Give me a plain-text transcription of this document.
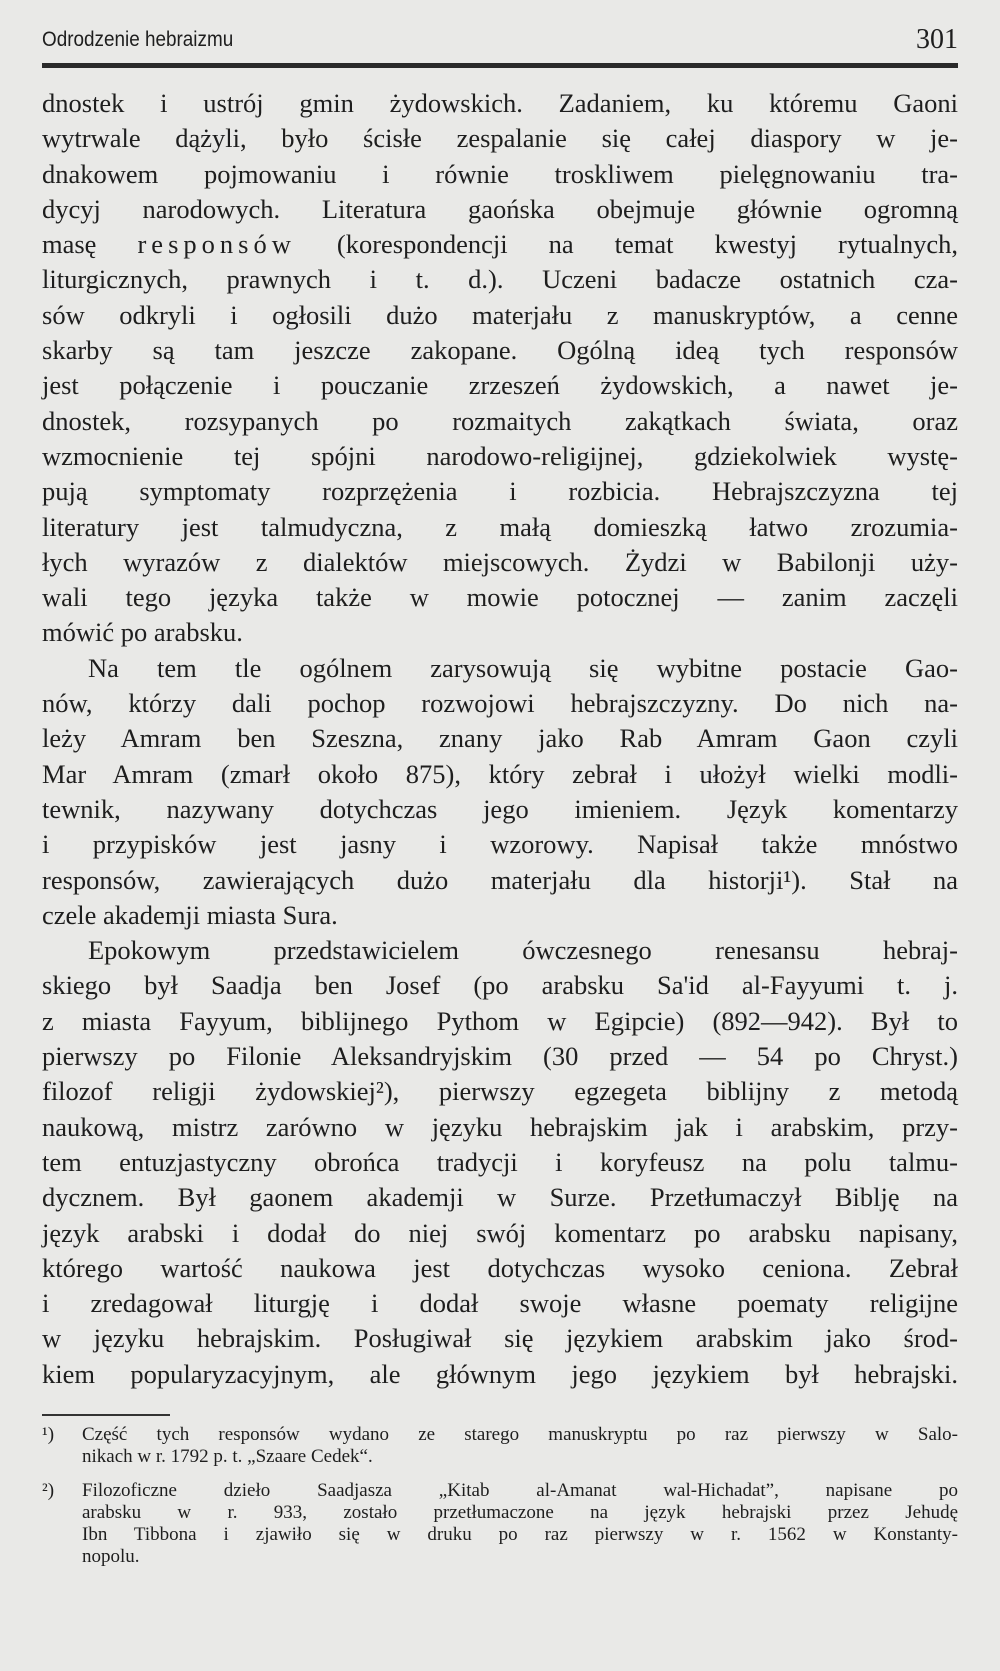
Odrodzenie hebraizmu	301
dnostek i ustrój gmin żydowskich. Zadaniem, ku któremu Gaoni
wytrwale dążyli, było ścisłe zespalanie się całej diaspory w je-
dnakowem pojmowaniu i równie troskliwem pielęgnowaniu tra-
dycyj narodowych. Literatura gaońska obejmuje głównie ogromną
masę responsów (korespondencji na temat kwestyj rytualnych,
liturgicznych, prawnych i t. d.). Uczeni badacze ostatnich cza-
sów odkryli i ogłosili dużo materjału z manuskryptów, a cenne
skarby są tam jeszcze zakopane. Ogólną ideą tych responsów
jest połączenie i pouczanie zrzeszeń żydowskich, a nawet je-
dnostek, rozsypanych po rozmaitych zakątkach świata, oraz
wzmocnienie tej spójni narodowo-religijnej, gdziekolwiek wystę-
pują symptomaty rozprzężenia i rozbicia. Hebrajszczyzna tej
literatury jest talmudyczna, z małą domieszką łatwo zrozumia-
łych wyrazów z dialektów miejscowych. Żydzi w Babilonji uży-
wali tego języka także w mowie potocznej — zanim zaczęli
mówić po arabsku.
Na tem tle ogólnem zarysowują się wybitne postacie Gao-
nów, którzy dali pochop rozwojowi hebrajszczyzny. Do nich na-
leży Amram ben Szeszna, znany jako Rab Amram Gaon czyli
Mar Amram (zmarł około 875), który zebrał i ułożył wielki modli-
tewnik, nazywany dotychczas jego imieniem. Język komentarzy
i przypisków jest jasny i wzorowy. Napisał także mnóstwo
responsów, zawierających dużo materjału dla historji¹). Stał na
czele akademji miasta Sura.
Epokowym przedstawicielem ówczesnego renesansu hebraj-
skiego był Saadja ben Josef (po arabsku Sa'id al-Fayyumi t. j.
z miasta Fayyum, biblijnego Pythom w Egipcie) (892—942). Był to
pierwszy po Filonie Aleksandryjskim (30 przed — 54 po Chryst.)
filozof religji żydowskiej²), pierwszy egzegeta biblijny z metodą
naukową, mistrz zarówno w języku hebrajskim jak i arabskim, przy-
tem entuzjastyczny obrońca tradycji i koryfeusz na polu talmu-
dycznem. Był gaonem akademji w Surze. Przetłumaczył Biblję na
język arabski i dodał do niej swój komentarz po arabsku napisany,
którego wartość naukowa jest dotychczas wysoko ceniona. Zebrał
i zredagował liturgję i dodał swoje własne poematy religijne
w języku hebrajskim. Posługiwał się językiem arabskim jako środ-
kiem popularyzacyjnym, ale głównym jego językiem był hebrajski.
¹) Część tych responsów wydano ze starego manuskryptu po raz pierwszy w Salo-
nikach w r. 1792 p. t. „Szaare Cedek“.
²) Filozoficzne dzieło Saadjasza „Kitab al-Amanat wal-Hichadat”, napisane po
arabsku w r. 933, zostało przetłumaczone na język hebrajski przez Jehudę
Ibn Tibbona i zjawiło się w druku po raz pierwszy w r. 1562 w Konstanty-
nopolu.
